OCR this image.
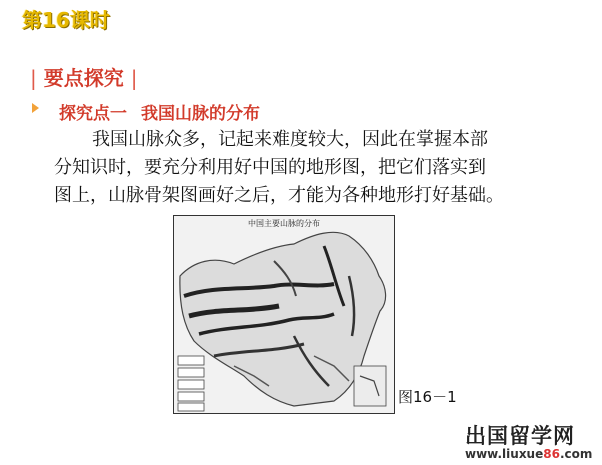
第16课时
| 要点探究 |
探究点一 我国山脉的分布
我国山脉众多，记起来难度较大，因此在掌握本部
分知识时，要充分利用好中国的地形图，把它们落实到
图上，山脉骨架图画好之后，才能为各种地形打好基础。
中国主要山脉的分布
图16－1
出国留学网
www.liuxue86.com
